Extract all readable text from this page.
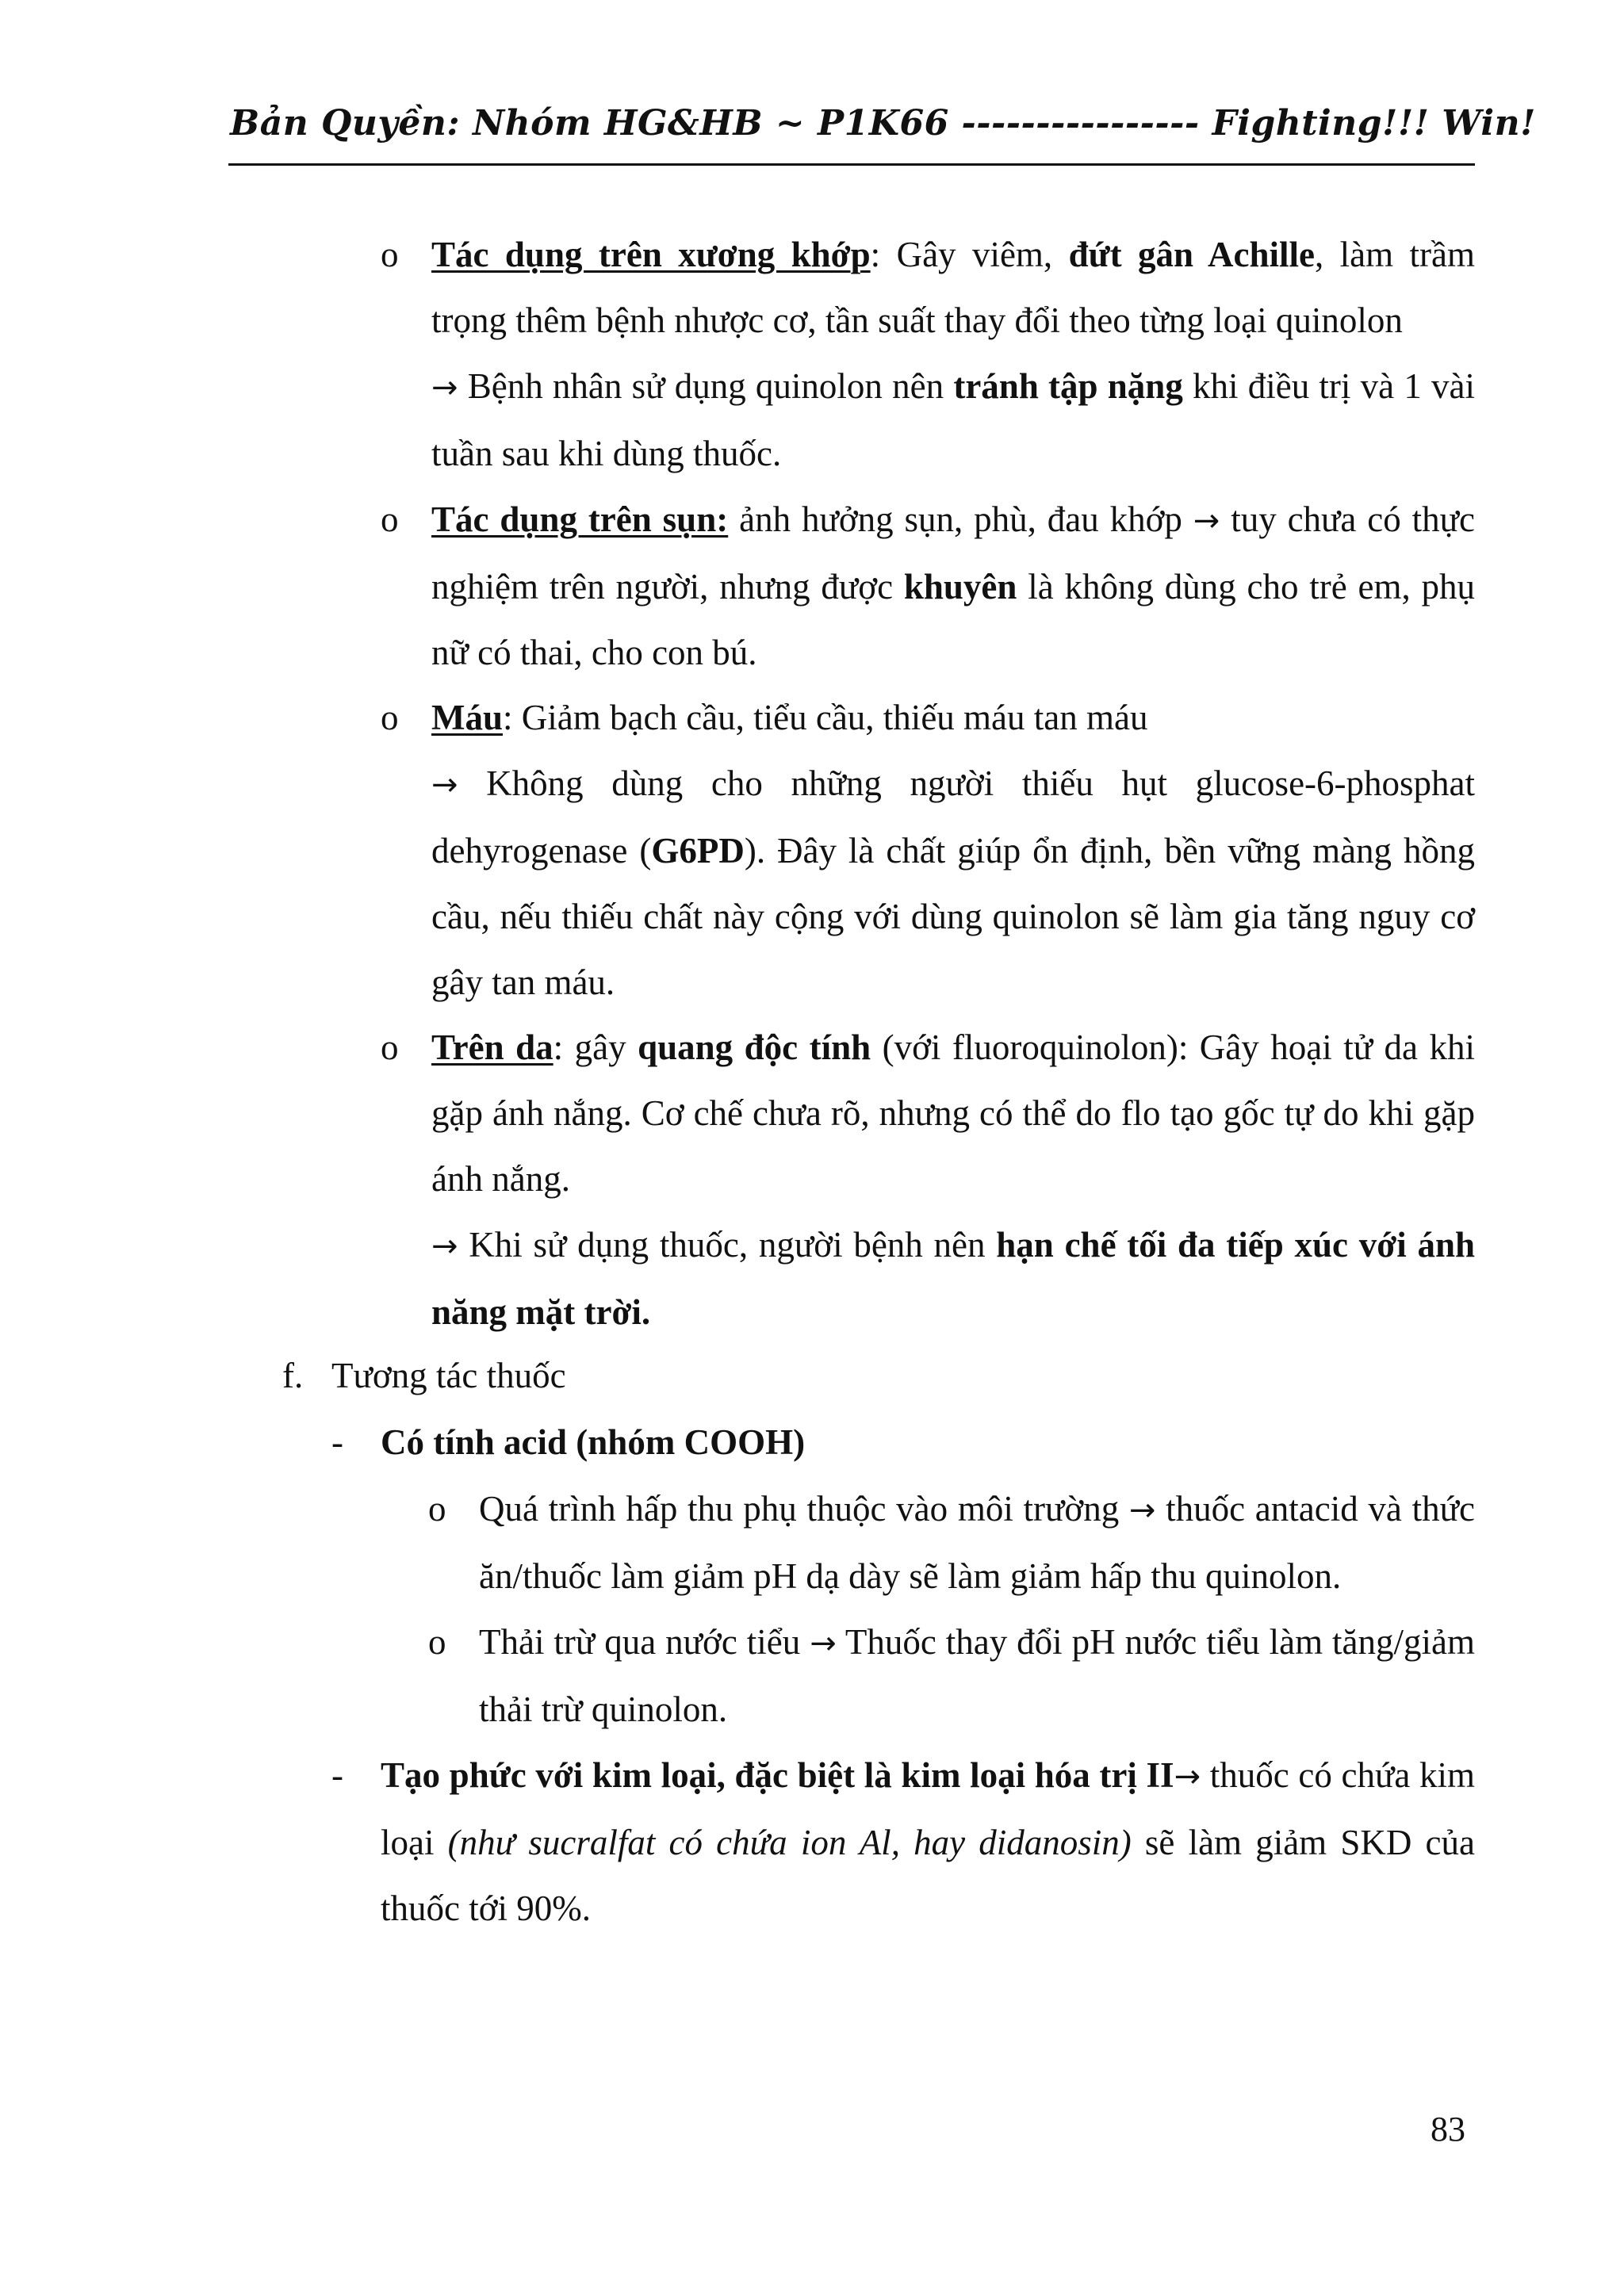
Bản Quyền: Nhóm HG&HB ~ P1K66 ---------------- Fighting!!! Win!
o Tác dụng trên xương khớp: Gây viêm, đứt gân Achille, làm trầm trọng thêm bệnh nhược cơ, tần suất thay đổi theo từng loại quinolon
→ Bệnh nhân sử dụng quinolon nên tránh tập nặng khi điều trị và 1 vài tuần sau khi dùng thuốc.
o Tác dụng trên sụn: ảnh hưởng sụn, phù, đau khớp → tuy chưa có thực nghiệm trên người, nhưng được khuyên là không dùng cho trẻ em, phụ nữ có thai, cho con bú.
o Máu: Giảm bạch cầu, tiểu cầu, thiếu máu tan máu
→ Không dùng cho những người thiếu hụt glucose-6-phosphat dehyrogenase (G6PD). Đây là chất giúp ổn định, bền vững màng hồng cầu, nếu thiếu chất này cộng với dùng quinolon sẽ làm gia tăng nguy cơ gây tan máu.
o Trên da: gây quang độc tính (với fluoroquinolon): Gây hoại tử da khi gặp ánh nắng. Cơ chế chưa rõ, nhưng có thể do flo tạo gốc tự do khi gặp ánh nắng.
→ Khi sử dụng thuốc, người bệnh nên hạn chế tối đa tiếp xúc với ánh năng mặt trời.
f. Tương tác thuốc
- Có tính acid (nhóm COOH)
o Quá trình hấp thu phụ thuộc vào môi trường → thuốc antacid và thức ăn/thuốc làm giảm pH dạ dày sẽ làm giảm hấp thu quinolon.
o Thải trừ qua nước tiểu → Thuốc thay đổi pH nước tiểu làm tăng/giảm thải trừ quinolon.
- Tạo phức với kim loại, đặc biệt là kim loại hóa trị II→ thuốc có chứa kim loại (như sucralfat có chứa ion Al, hay didanosin) sẽ làm giảm SKD của thuốc tới 90%.
83
